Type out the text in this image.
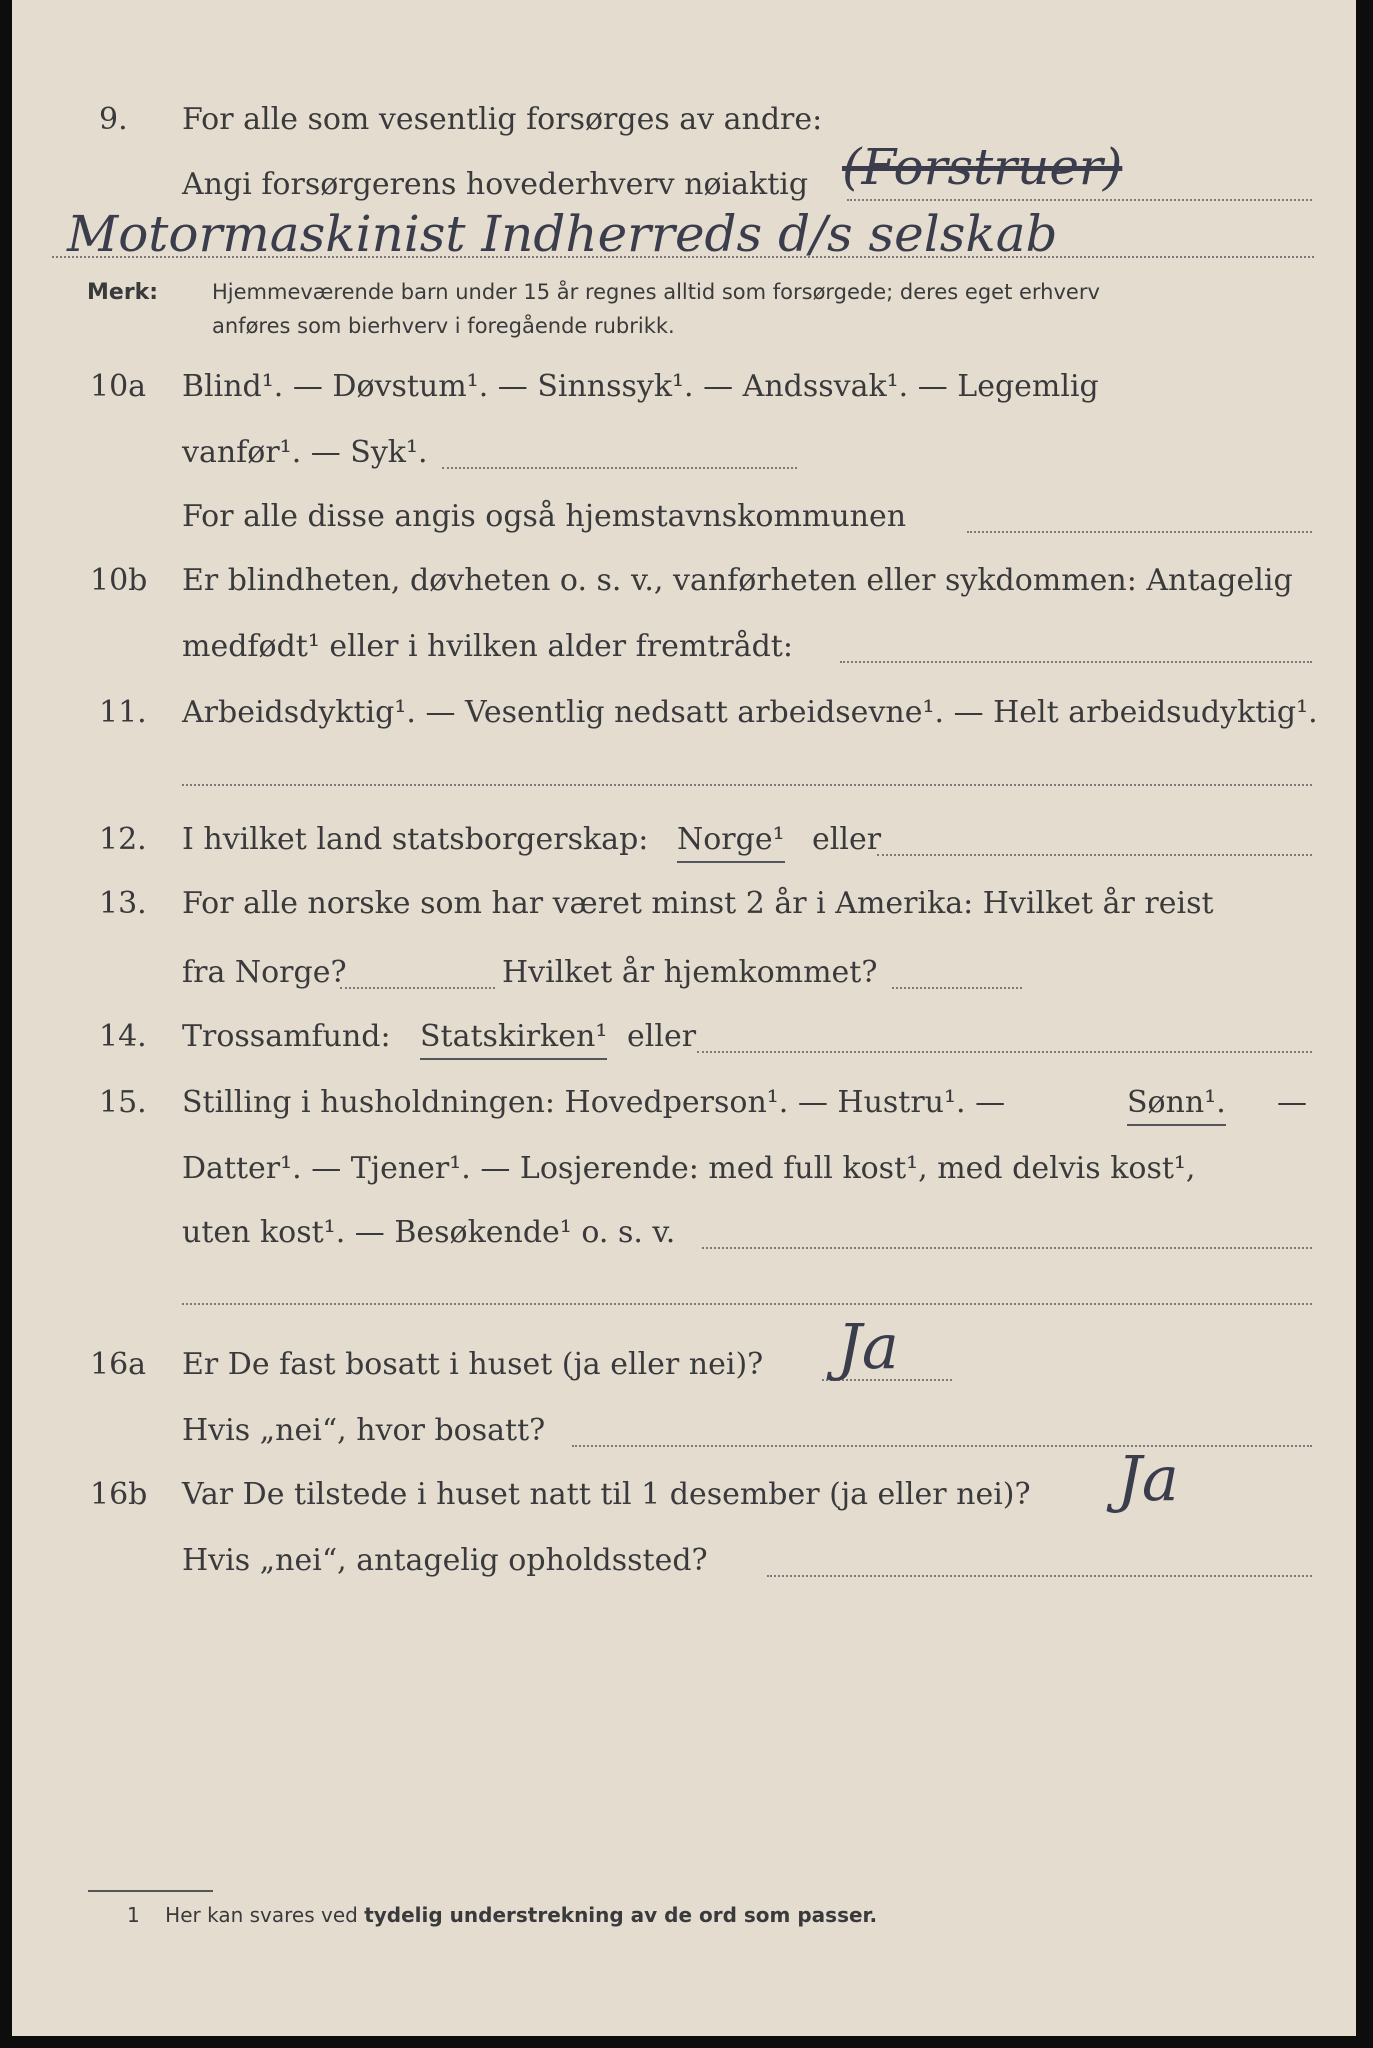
9. For alle som vesentlig forsørges av andre:
Angi forsørgerens hovederhverv nøiaktig (Forstruer)
Motormaskinist Indherreds d/s selskab
Merk:	Hjemmeværende barn under 15 år regnes alltid som forsørgede; deres eget erhverv
anføres som bierhverv i foregående rubrikk.
10a Blind¹. — Døvstum¹. — Sinnssyk¹. — Andssvak¹. — Legemlig
vanfør¹. — Syk¹.
For alle disse angis også hjemstavnskommunen
10b Er blindheten, døvheten o. s. v., vanførheten eller sykdommen: Antagelig
medfødt¹ eller i hvilken alder fremtrådt:
11. Arbeidsdyktig¹. — Vesentlig nedsatt arbeidsevne¹. — Helt arbeidsudyktig¹.
12. I hvilket land statsborgerskap: Norge¹ eller
13. For alle norske som har været minst 2 år i Amerika: Hvilket år reist
fra Norge?	Hvilket år hjemkommet?
14. Trossamfund: Statskirken¹ eller
15. Stilling i husholdningen: Hovedperson¹. — Hustru¹. —	Sønn¹. —
Datter¹. — Tjener¹. — Losjerende: med full kost¹, med delvis kost¹,
uten kost¹. — Besøkende¹ o. s. v.
16a Er De fast bosatt i huset (ja eller nei)? Ja
Hvis „nei“, hvor bosatt?
16b Var De tilstede i huset natt til 1 desember (ja eller nei)? Ja
Hvis „nei“, antagelig opholdssted?
1 Her kan svares ved tydelig understrekning av de ord som passer.
